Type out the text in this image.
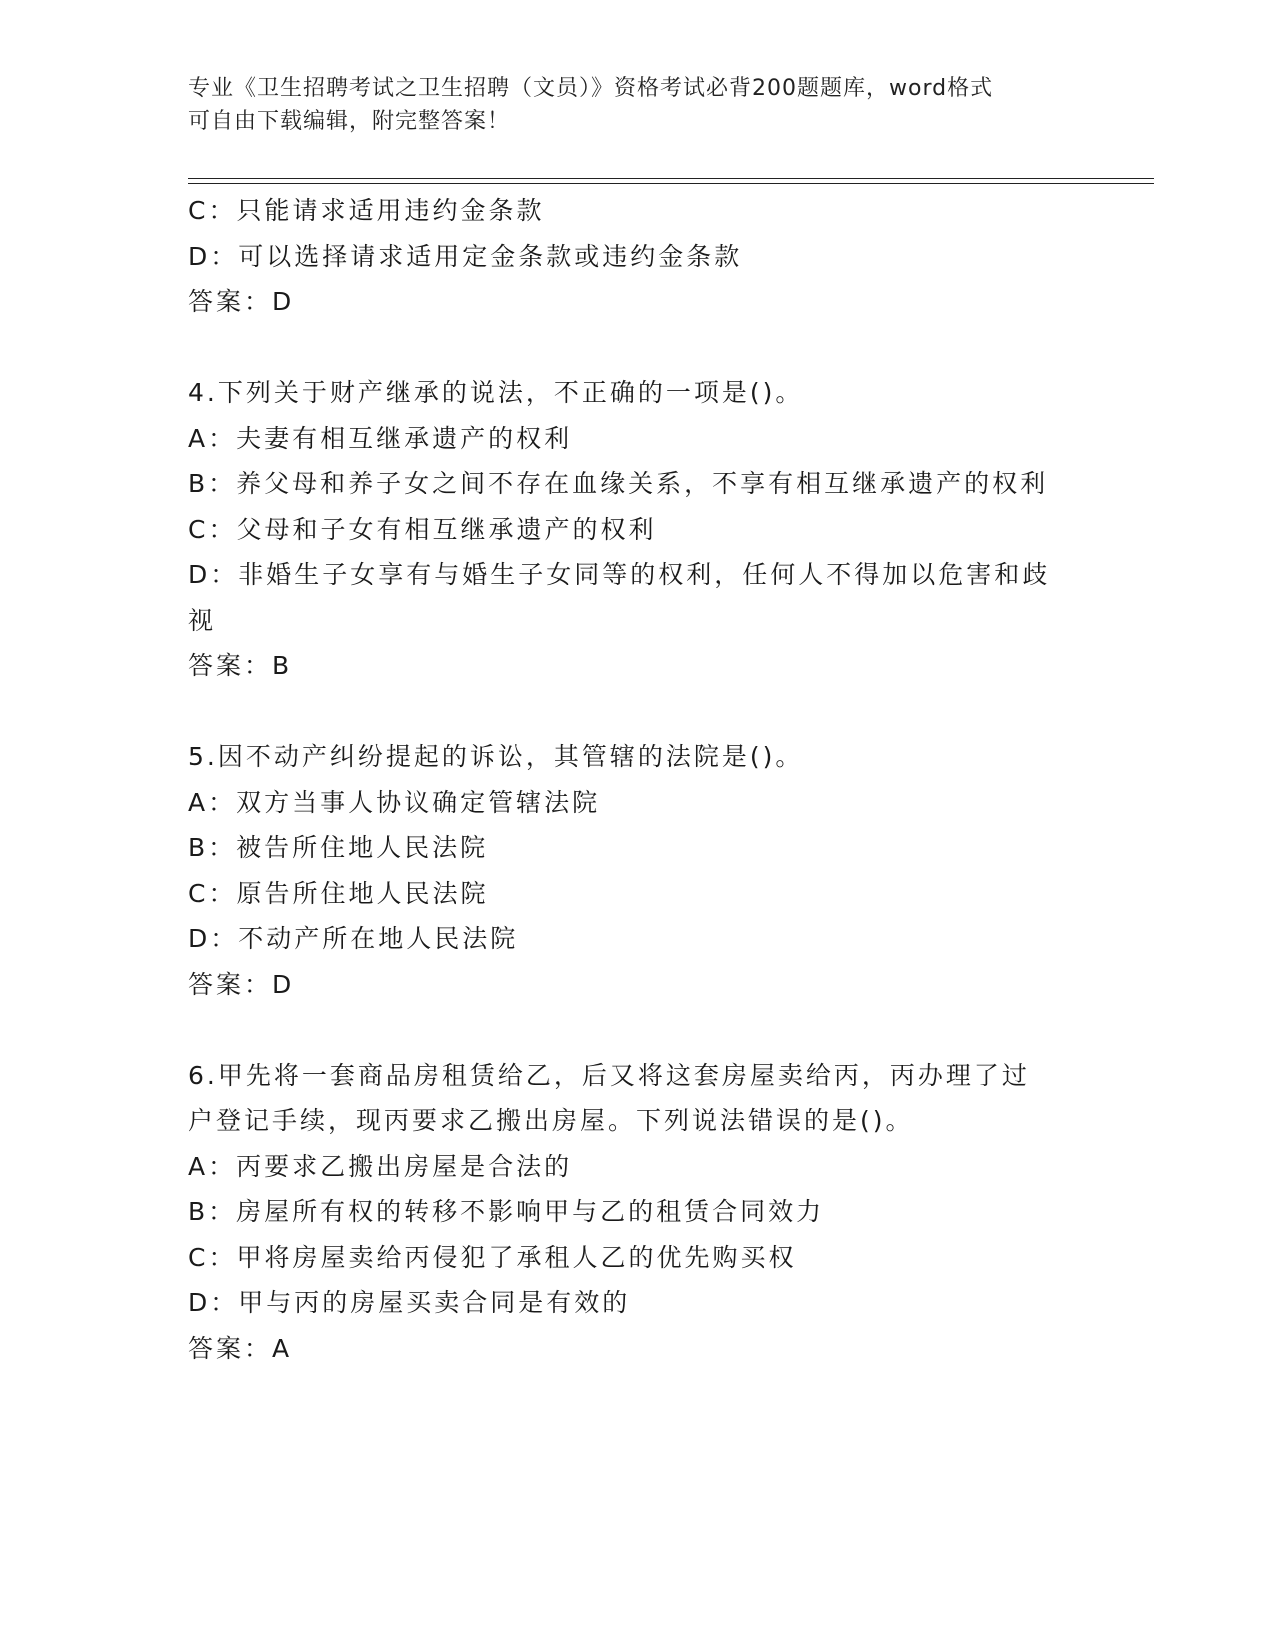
专业《卫生招聘考试之卫生招聘（文员）》资格考试必背200题题库，word格式
可自由下载编辑，附完整答案！
C：只能请求适用违约金条款
D：可以选择请求适用定金条款或违约金条款
答案：D
4.下列关于财产继承的说法，不正确的一项是()。
A：夫妻有相互继承遗产的权利
B：养父母和养子女之间不存在血缘关系，不享有相互继承遗产的权利
C：父母和子女有相互继承遗产的权利
D：非婚生子女享有与婚生子女同等的权利，任何人不得加以危害和歧
视
答案：B
5.因不动产纠纷提起的诉讼，其管辖的法院是()。
A：双方当事人协议确定管辖法院
B：被告所住地人民法院
C：原告所住地人民法院
D：不动产所在地人民法院
答案：D
6.甲先将一套商品房租赁给乙，后又将这套房屋卖给丙，丙办理了过
户登记手续，现丙要求乙搬出房屋。下列说法错误的是()。
A：丙要求乙搬出房屋是合法的
B：房屋所有权的转移不影响甲与乙的租赁合同效力
C：甲将房屋卖给丙侵犯了承租人乙的优先购买权
D：甲与丙的房屋买卖合同是有效的
答案：A
